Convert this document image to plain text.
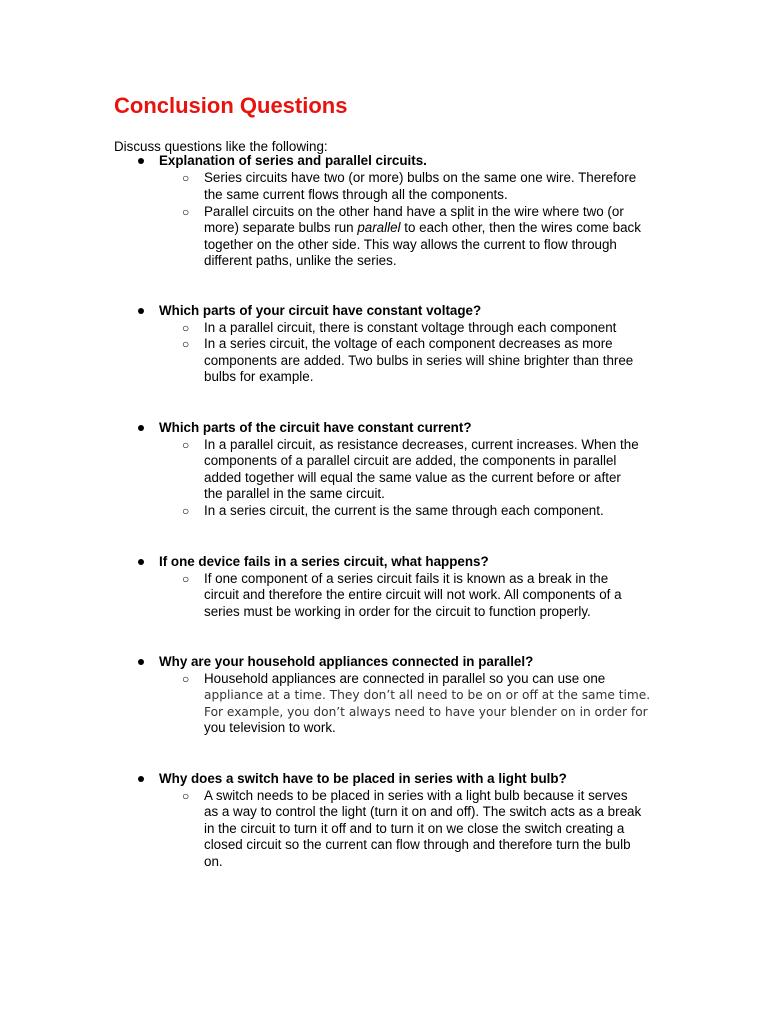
Conclusion Questions
Discuss questions like the following:
Explanation of series and parallel circuits.
○ Series circuits have two (or more) bulbs on the same one wire. Therefore
the same current flows through all the components.
○ Parallel circuits on the other hand have a split in the wire where two (or
more) separate bulbs run parallel to each other, then the wires come back
together on the other side. This way allows the current to flow through
different paths, unlike the series.
Which parts of your circuit have constant voltage?
○ In a parallel circuit, there is constant voltage through each component
○ In a series circuit, the voltage of each component decreases as more
components are added. Two bulbs in series will shine brighter than three
bulbs for example.
Which parts of the circuit have constant current?
○ In a parallel circuit, as resistance decreases, current increases. When the
components of a parallel circuit are added, the components in parallel
added together will equal the same value as the current before or after
the parallel in the same circuit.
○ In a series circuit, the current is the same through each component.
If one device fails in a series circuit, what happens?
○ If one component of a series circuit fails it is known as a break in the
circuit and therefore the entire circuit will not work. All components of a
series must be working in order for the circuit to function properly.
Why are your household appliances connected in parallel?
○ Household appliances are connected in parallel so you can use one
appliance at a time. They don’t all need to be on or off at the same time.
For example, you don’t always need to have your blender on in order for
you television to work.
Why does a switch have to be placed in series with a light bulb?
○ A switch needs to be placed in series with a light bulb because it serves
as a way to control the light (turn it on and off). The switch acts as a break
in the circuit to turn it off and to turn it on we close the switch creating a
closed circuit so the current can flow through and therefore turn the bulb
on.
